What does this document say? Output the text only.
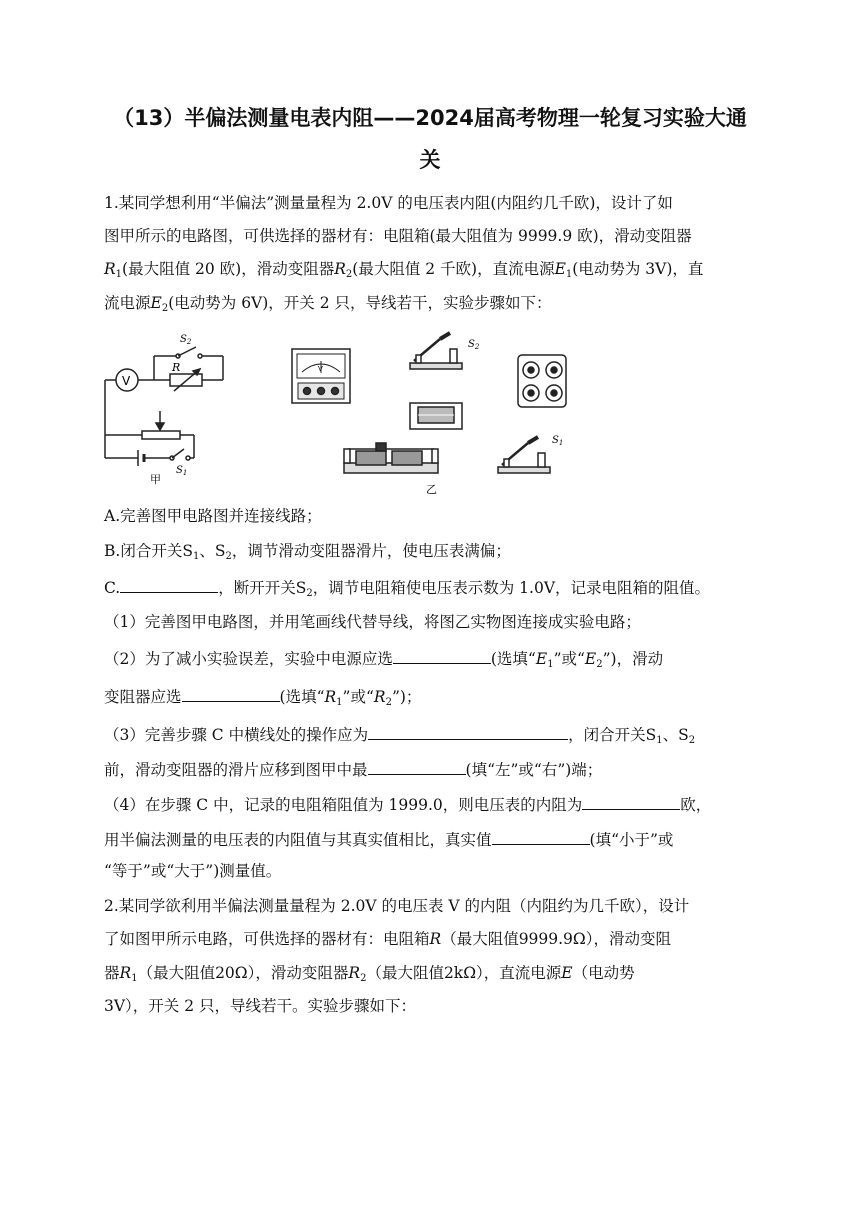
（13）半偏法测量电表内阻——2024届高考物理一轮复习实验大通
关
1.某同学想利用“半偏法”测量量程为 2.0V 的电压表内阻(内阻约几千欧)，设计了如
图甲所示的电路图，可供选择的器材有：电阻箱(最大阻值为 9999.9 欧)，滑动变阻器
$R_1$(最大阻值 20 欧)，滑动变阻器$R_2$(最大阻值 2 千欧)，直流电源$E_1$(电动势为 3V)，直
流电源$E_2$(电动势为 6V)，开关 2 只，导线若干，实验步骤如下：
V
R
$S_2$
$S_1$
甲
V
$S_2$
乙
$S_1$
A.完善图甲电路图并连接线路；
B.闭合开关$S_1$、$S_2$，调节滑动变阻器滑片，使电压表满偏；
C.	，断开开关$S_2$，调节电阻箱使电压表示数为 1.0V，记录电阻箱的阻值。
（1）完善图甲电路图，并用笔画线代替导线，将图乙实物图连接成实验电路；
（2）为了减小实验误差，实验中电源应选	(选填“$E_1$”或“$E_2$”)，滑动
变阻器应选	(选填“$R_1$”或“$R_2$”)；
（3）完善步骤 C 中横线处的操作应为	，闭合开关$S_1$、$S_2$
前，滑动变阻器的滑片应移到图甲中最	(填“左”或“右”)端；
（4）在步骤 C 中，记录的电阻箱阻值为 1999.0，则电压表的内阻为	欧，
用半偏法测量的电压表的内阻值与其真实值相比，真实值	(填“小于”或
“等于”或“大于”)测量值。
2.某同学欲利用半偏法测量量程为 2.0V 的电压表 V 的内阻（内阻约为几千欧），设计
了如图甲所示电路，可供选择的器材有：电阻箱R（最大阻值9999.9Ω），滑动变阻
器$R_1$（最大阻值20Ω），滑动变阻器$R_2$（最大阻值2kΩ），直流电源E（电动势
3V），开关 2 只，导线若干。实验步骤如下：
